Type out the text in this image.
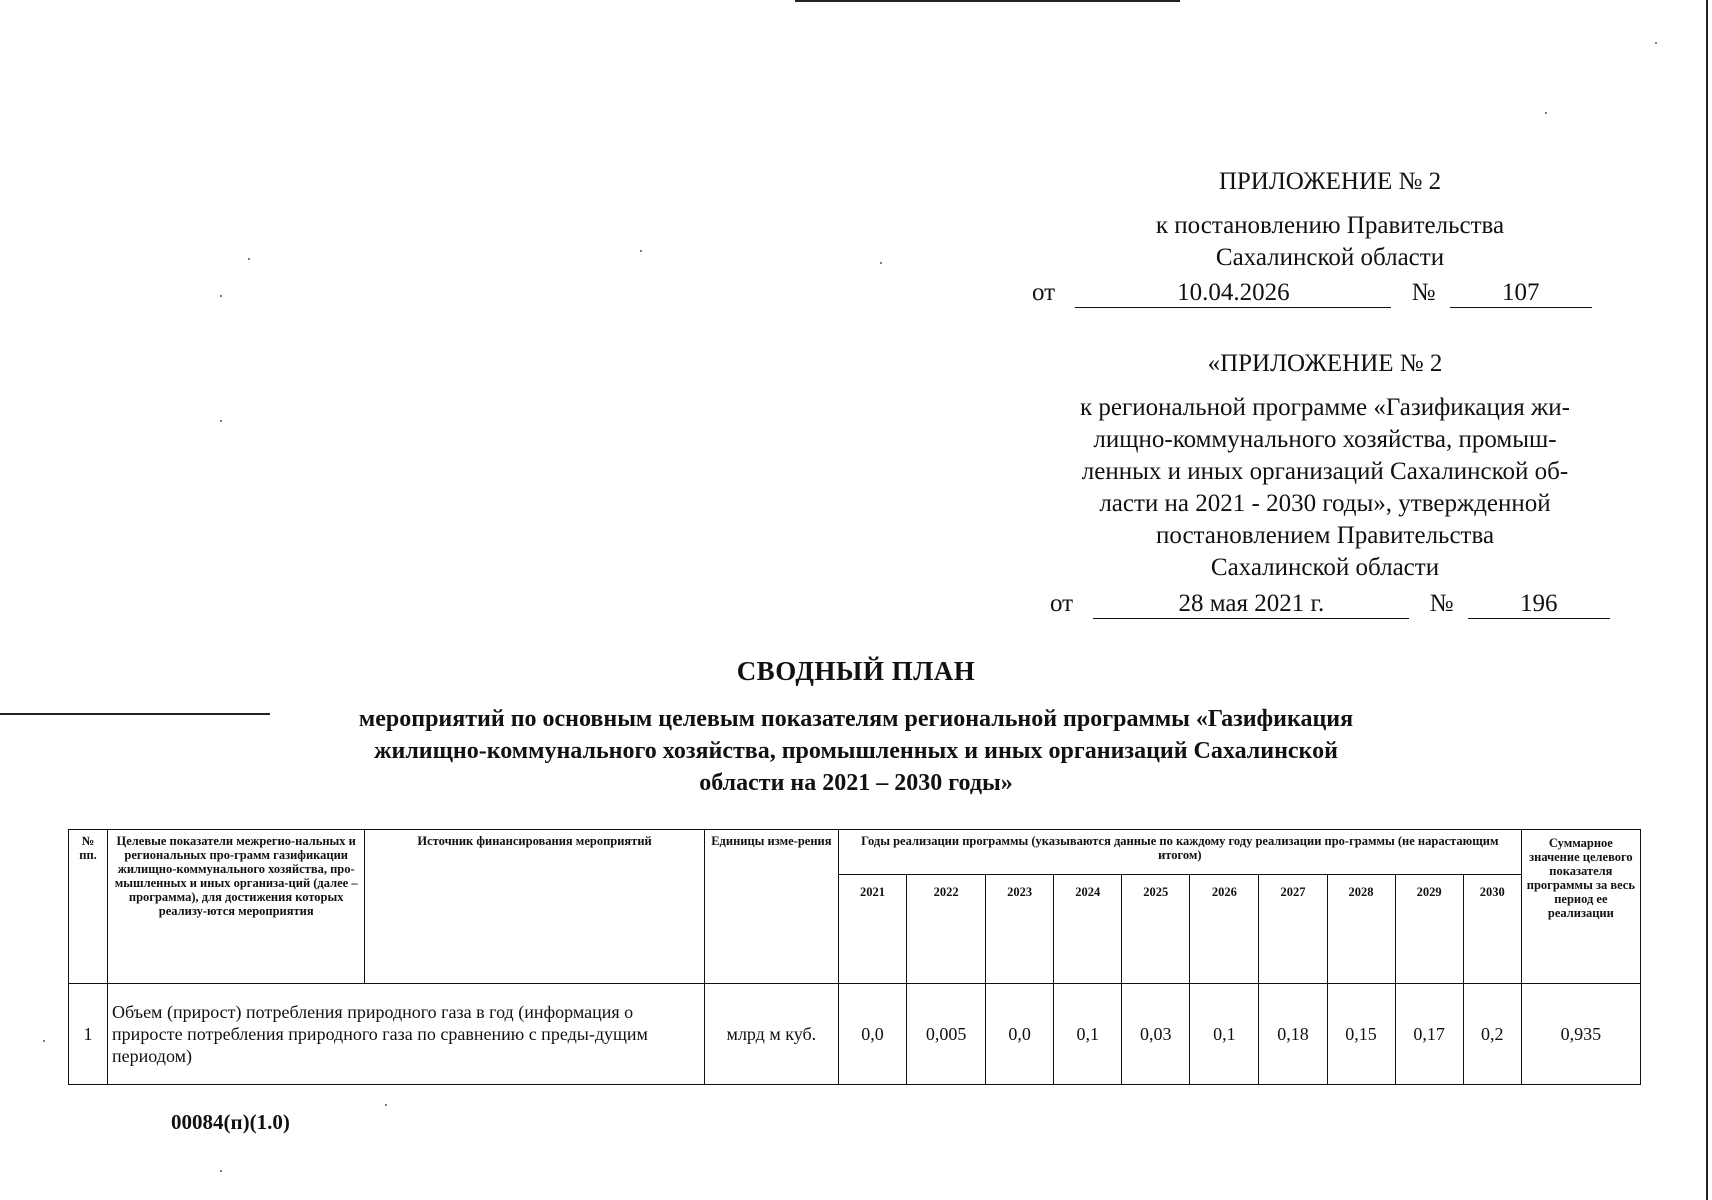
ПРИЛОЖЕНИЕ № 2
к постановлению Правительства
Сахалинской области
от	10.04.2026	№	107
«ПРИЛОЖЕНИЕ № 2
к региональной программе «Газификация жи-
лищно-коммунального хозяйства, промыш-
ленных и иных организаций Сахалинской об-
ласти на 2021 - 2030 годы», утвержденной
постановлением Правительства
Сахалинской области
от	28 мая 2021 г.	№	196
СВОДНЫЙ ПЛАН
мероприятий по основным целевым показателям региональной программы «Газификация
жилищно-коммунального хозяйства, промышленных и иных организаций Сахалинской
области на 2021 – 2030 годы»
№ пп.	Целевые показатели межрегио-нальных и региональных про-грамм газификации жилищно-коммунального хозяйства, про-мышленных и иных организа-ций (далее – программа), для достижения которых реализу-ются мероприятия	Источник финансирования мероприятий	Единицы изме-рения	Годы реализации программы (указываются данные по каждому году реализации про-граммы (не нарастающим итогом)										Суммарное значение целевого показателя программы за весь период ее реализации
				2021	2022	2023	2024	2025	2026	2027	2028	2029	2030	
1	Объем (прирост) потребления природного газа в год (информация о приросте потребления природного газа по сравнению с преды-дущим периодом)		млрд м куб.	0,0	0,005	0,0	0,1	0,03	0,1	0,18	0,15	0,17	0,2	0,935
00084(п)(1.0)
